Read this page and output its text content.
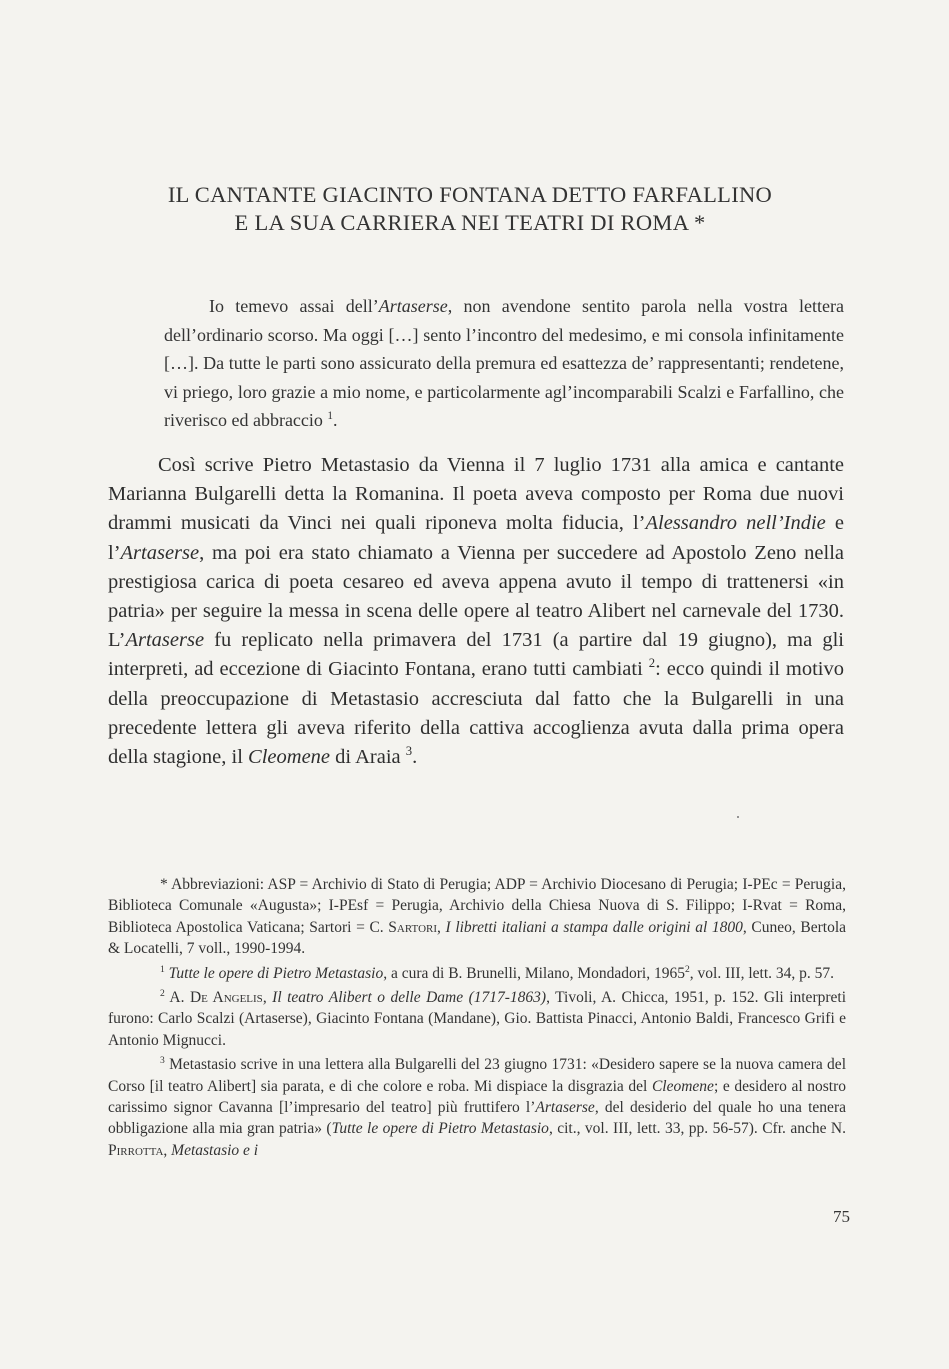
IL CANTANTE GIACINTO FONTANA DETTO FARFALLINO
E LA SUA CARRIERA NEI TEATRI DI ROMA *

Io temevo assai dell’Artaserse, non avendone sentito parola nella vostra lettera dell’ordinario scorso. Ma oggi […] sento l’incontro del medesimo, e mi consola infinitamente […]. Da tutte le parti sono assicurato della premura ed esattezza de’ rappresentanti; rendetene, vi priego, loro grazie a mio nome, e particolarmente agl’incomparabili Scalzi e Farfallino, che riverisco ed abbraccio $^1$.

Così scrive Pietro Metastasio da Vienna il 7 luglio 1731 alla amica e cantante Marianna Bulgarelli detta la Romanina. Il poeta aveva composto per Roma due nuovi drammi musicati da Vinci nei quali riponeva molta fiducia, l’Alessandro nell’Indie e l’Artaserse, ma poi era stato chiamato a Vienna per succedere ad Apostolo Zeno nella prestigiosa carica di poeta cesareo ed aveva appena avuto il tempo di trattenersi «in patria» per seguire la messa in scena delle opere al teatro Alibert nel carnevale del 1730. L’Artaserse fu replicato nella primavera del 1731 (a partire dal 19 giugno), ma gli interpreti, ad eccezione di Giacinto Fontana, erano tutti cambiati $^2$: ecco quindi il motivo della preoccupazione di Metastasio accresciuta dal fatto che la Bulgarelli in una precedente lettera gli aveva riferito della cattiva accoglienza avuta dalla prima opera della stagione, il Cleomene di Araia $^3$.

* Abbreviazioni: ASP = Archivio di Stato di Perugia; ADP = Archivio Diocesano di Perugia; I-PEc = Perugia, Biblioteca Comunale «Augusta»; I-PEsf = Perugia, Archivio della Chiesa Nuova di S. Filippo; I-Rvat = Roma, Biblioteca Apostolica Vaticana; Sartori = C. Sartori, I libretti italiani a stampa dalle origini al 1800, Cuneo, Bertola & Locatelli, 7 voll., 1990-1994.

$^1$ Tutte le opere di Pietro Metastasio, a cura di B. Brunelli, Milano, Mondadori, 1965$^2$, vol. III, lett. 34, p. 57.

$^2$ A. De Angelis, Il teatro Alibert o delle Dame (1717-1863), Tivoli, A. Chicca, 1951, p. 152. Gli interpreti furono: Carlo Scalzi (Artaserse), Giacinto Fontana (Mandane), Gio. Battista Pinacci, Antonio Baldi, Francesco Grifi e Antonio Mignucci.

$^3$ Metastasio scrive in una lettera alla Bulgarelli del 23 giugno 1731: «Desidero sapere se la nuova camera del Corso [il teatro Alibert] sia parata, e di che colore e roba. Mi dispiace la disgrazia del Cleomene; e desidero al nostro carissimo signor Cavanna [l’impresario del teatro] più fruttifero l’Artaserse, del desiderio del quale ho una tenera obbligazione alla mia gran patria» (Tutte le opere di Pietro Metastasio, cit., vol. III, lett. 33, pp. 56-57). Cfr. anche N. Pirrotta, Metastasio e i

75
